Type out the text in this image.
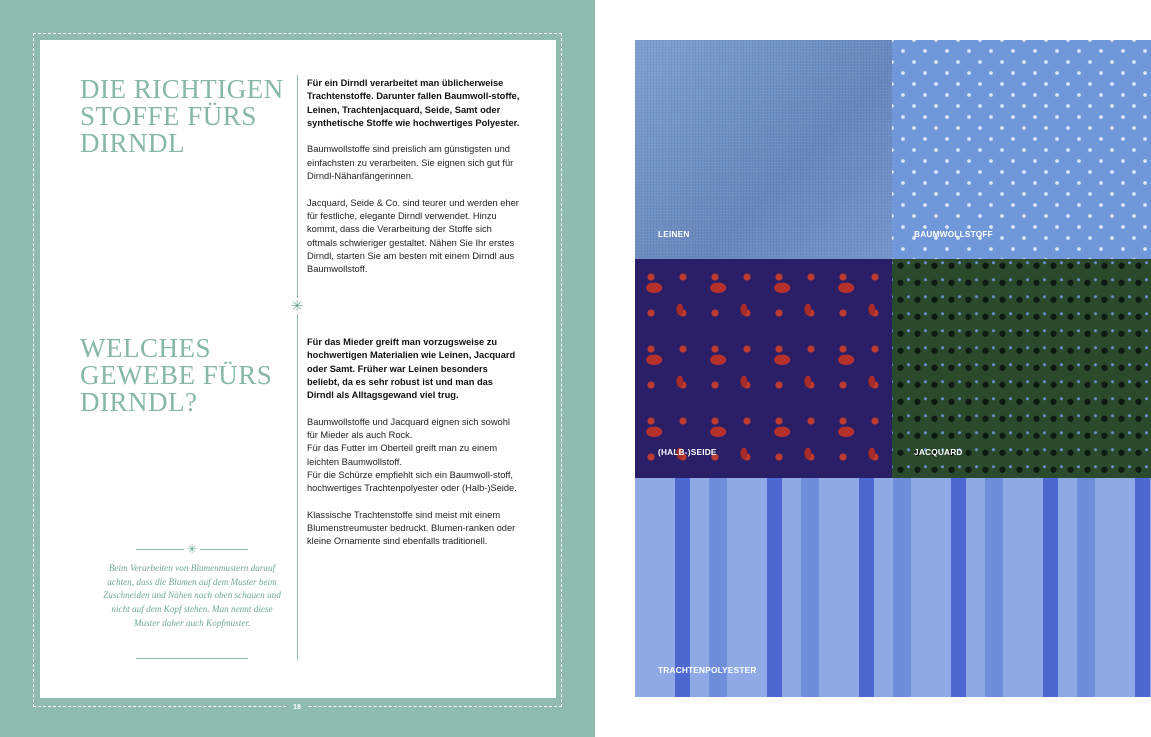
18
✳
DIE RICHTIGEN
STOFFE FÜRS
DIRNDL
WELCHES
GEWEBE FÜRS
DIRNDL?

Für ein Dirndl verarbeitet man üblicherweise Trachtenstoffe. Darunter fallen Baumwoll-stoffe, Leinen, Trachtenjacquard, Seide, Samt oder synthetische Stoffe wie hochwertiges Polyester.

Baumwollstoffe sind preislich am günstigsten und einfachsten zu verarbeiten. Sie eignen sich gut für Dirndl-Nähanfängerinnen.

Jacquard, Seide & Co. sind teurer und werden eher für festliche, elegante Dirndl verwendet. Hinzu kommt, dass die Verarbeitung der Stoffe sich oftmals schwieriger gestaltet. Nähen Sie Ihr erstes Dirndl, starten Sie am besten mit einem Dirndl aus Baumwollstoff.

Für das Mieder greift man vorzugsweise zu hochwertigen Materialien wie Leinen, Jacquard oder Samt. Früher war Leinen besonders beliebt, da es sehr robust ist und man das Dirndl als Alltagsgewand viel trug.

Baumwollstoffe und Jacquard eignen sich sowohl für Mieder als auch Rock.
Für das Futter im Oberteil greift man zu einem leichten Baumwollstoff.
Für die Schürze empfiehlt sich ein Baumwoll-stoff, hochwertiges Trachtenpolyester oder (Halb-)Seide.

Klassische Trachtenstoffe sind meist mit einem Blumenstreumuster bedruckt. Blumen-ranken oder kleine Ornamente sind ebenfalls traditionell.

✳

Beim Verarbeiten von Blumenmustern darauf achten, dass die Blumen auf dem Muster beim Zuschneiden und Nähen nach oben schauen und nicht auf dem Kopf stehen. Man nennt diese Muster daher auch Kopfmuster.

LEINEN	BAUMWOLLSTOFF
(HALB-)SEIDE	JACQUARD
TRACHTENPOLYESTER
